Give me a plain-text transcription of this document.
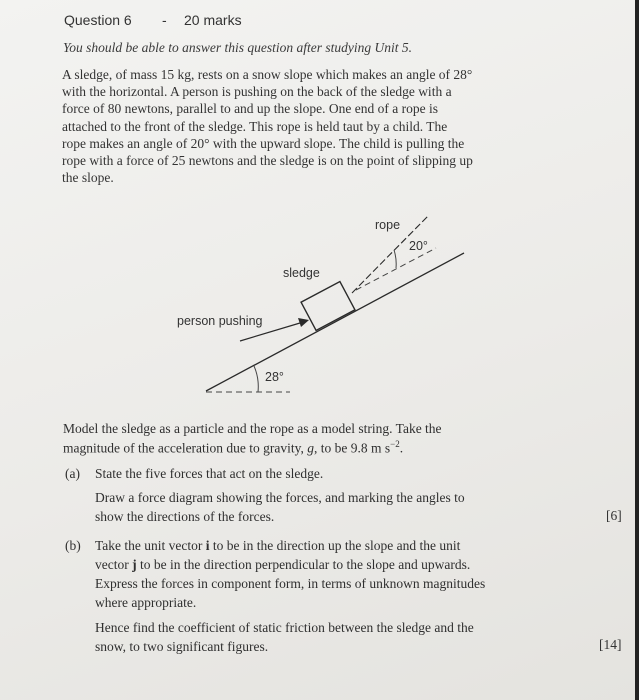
Question 6 - 20 marks
You should be able to answer this question after studying Unit 5.
A sledge, of mass 15 kg, rests on a snow slope which makes an angle of 28°
with the horizontal. A person is pushing on the back of the sledge with a
force of 80 newtons, parallel to and up the slope. One end of a rope is
attached to the front of the sledge. This rope is held taut by a child. The
rope makes an angle of 20° with the upward slope. The child is pulling the
rope with a force of 25 newtons and the sledge is on the point of slipping up
the slope.
rope
20°
sledge
person pushing
28°
Model the sledge as a particle and the rope as a model string. Take the
magnitude of the acceleration due to gravity, g, to be 9.8 m $s^{-2}$.
(a) State the five forces that act on the sledge.
Draw a force diagram showing the forces, and marking the angles to
show the directions of the forces.	[6]
(b) Take the unit vector i to be in the direction up the slope and the unit
vector j to be in the direction perpendicular to the slope and upwards.
Express the forces in component form, in terms of unknown magnitudes
where appropriate.
Hence find the coefficient of static friction between the sledge and the
snow, to two significant figures.	[14]
